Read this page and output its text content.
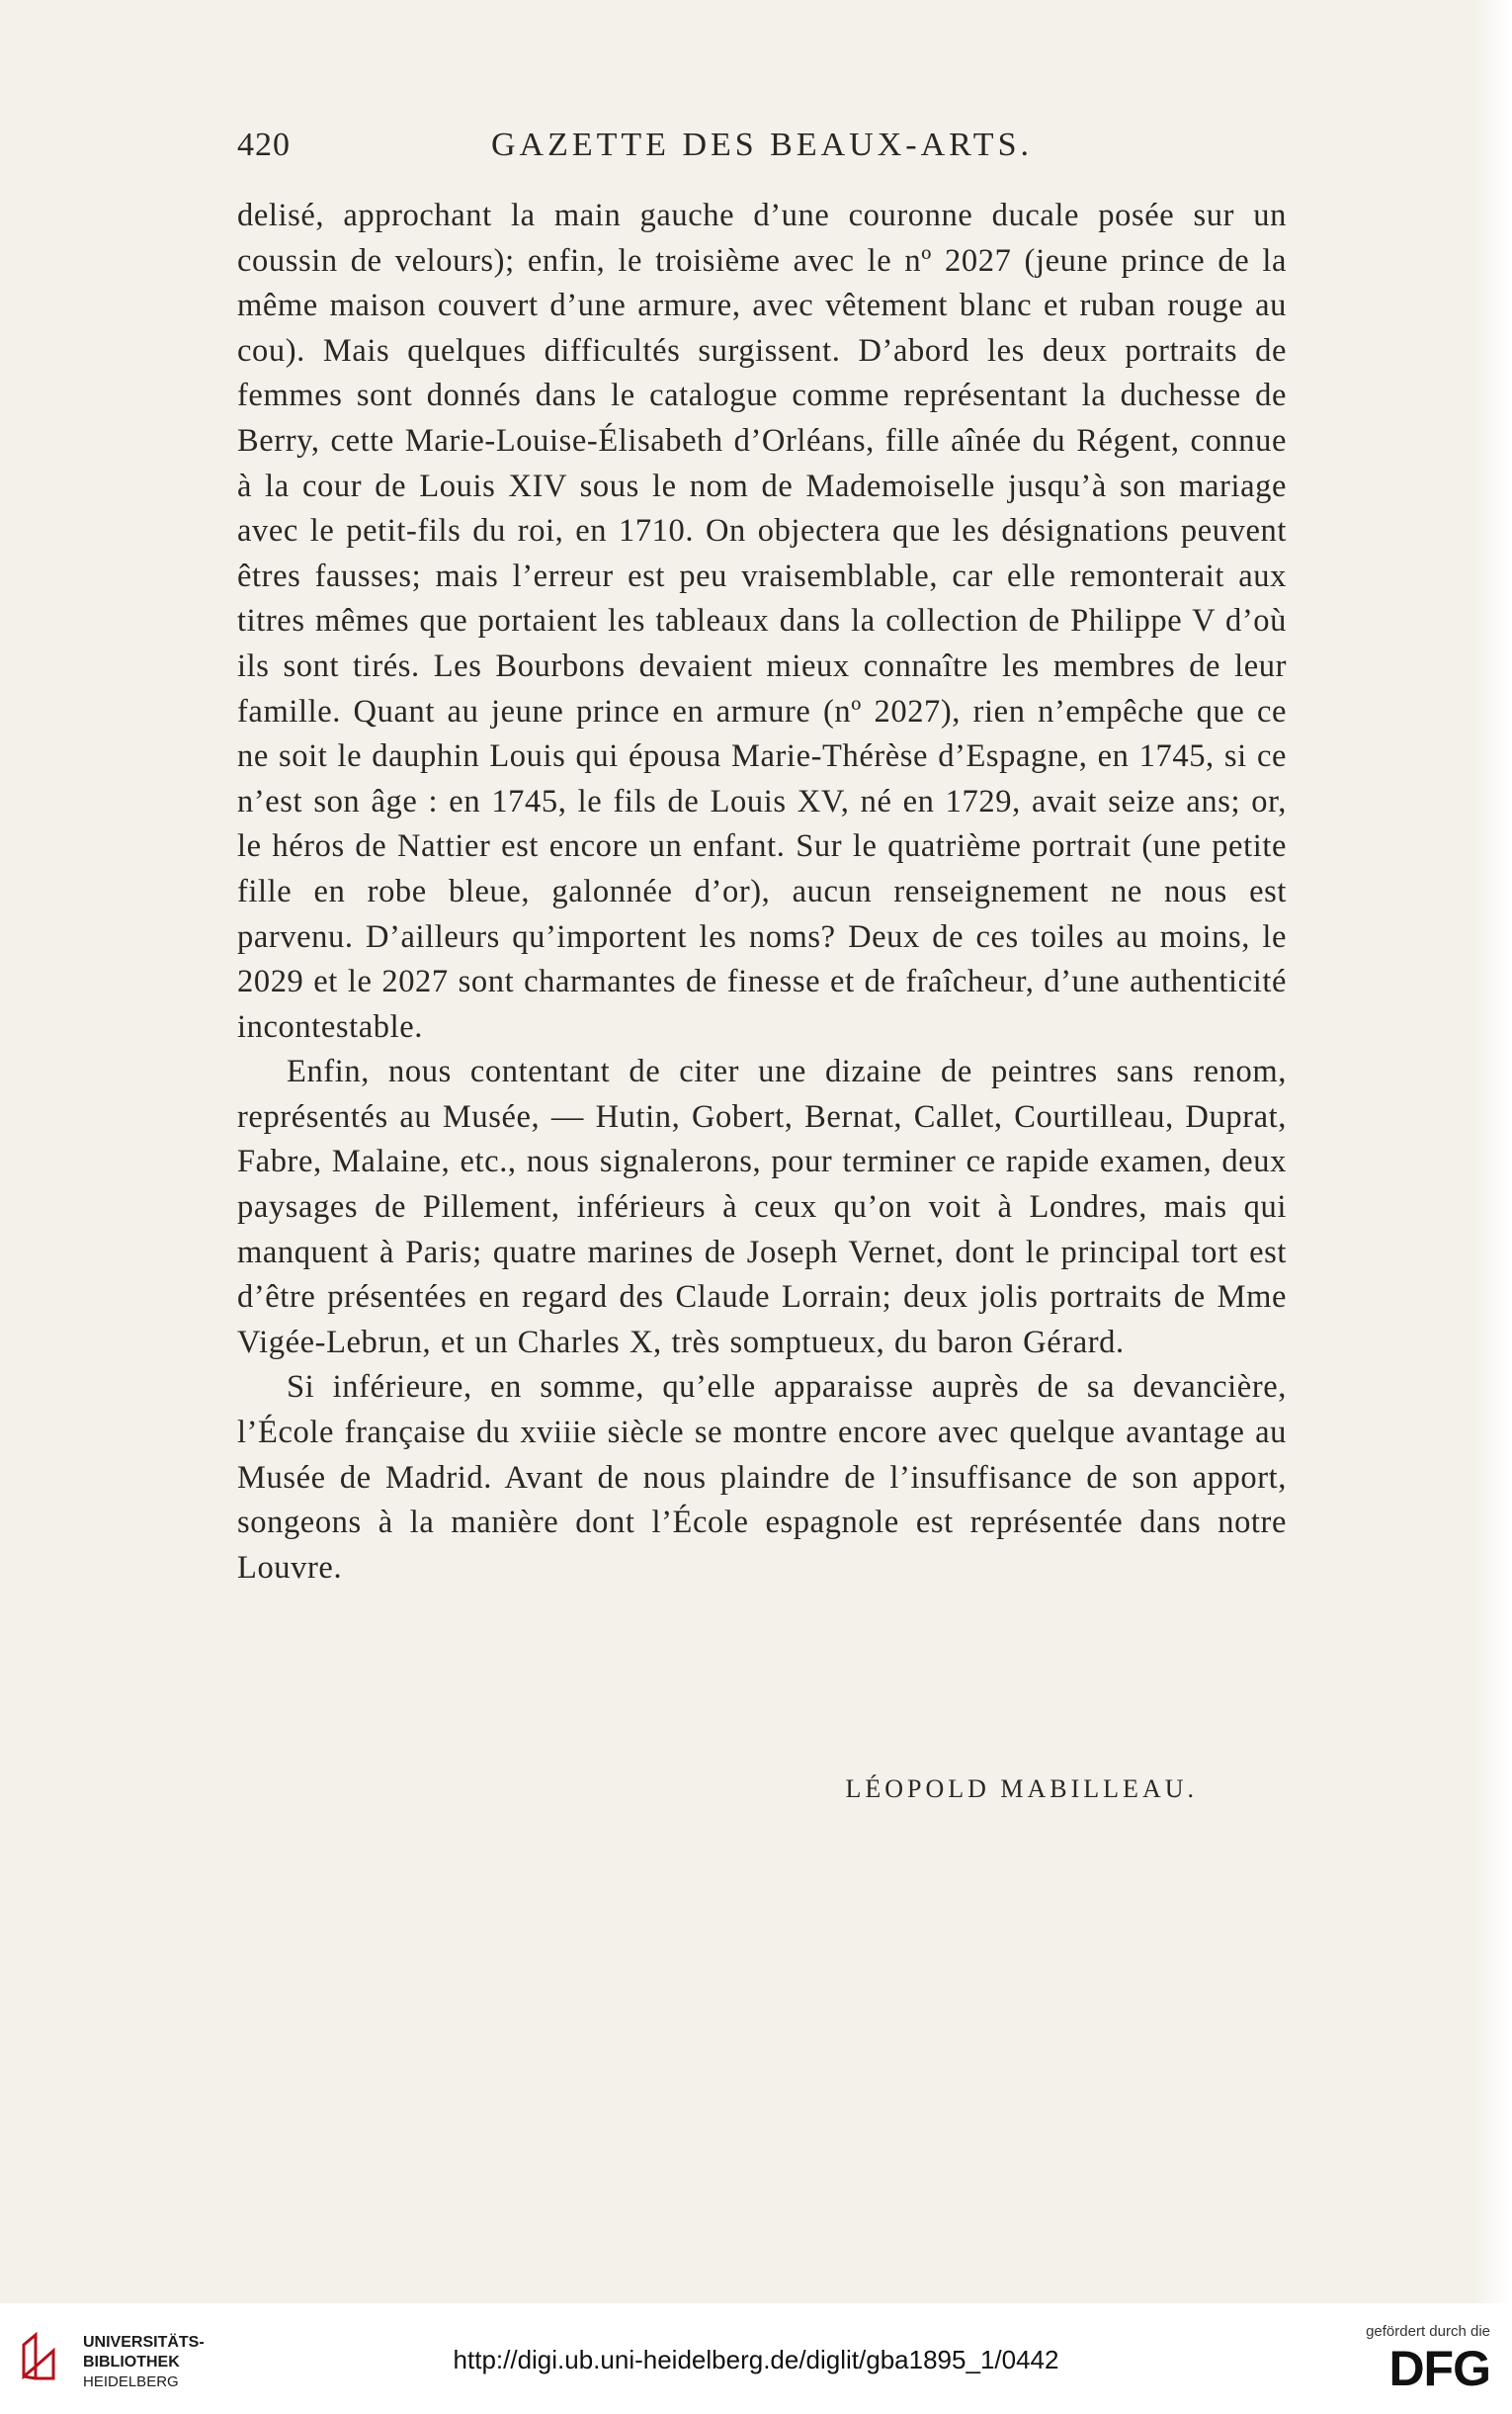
420	GAZETTE DES BEAUX-ARTS.

delisé, approchant la main gauche d’une couronne ducale posée sur un coussin de velours); enfin, le troisième avec le nº 2027 (jeune prince de la même maison couvert d’une armure, avec vêtement blanc et ruban rouge au cou). Mais quelques difficultés surgissent. D’abord les deux portraits de femmes sont donnés dans le catalogue comme représentant la duchesse de Berry, cette Marie-Louise-Élisabeth d’Orléans, fille aînée du Régent, connue à la cour de Louis XIV sous le nom de Mademoiselle jusqu’à son mariage avec le petit-fils du roi, en 1710. On objectera que les désignations peuvent êtres fausses; mais l’erreur est peu vraisemblable, car elle remonterait aux titres mêmes que portaient les tableaux dans la collection de Philippe V d’où ils sont tirés. Les Bourbons devaient mieux connaître les membres de leur famille. Quant au jeune prince en armure (nº 2027), rien n’empêche que ce ne soit le dauphin Louis qui épousa Marie-Thérèse d’Espagne, en 1745, si ce n’est son âge : en 1745, le fils de Louis XV, né en 1729, avait seize ans; or, le héros de Nattier est encore un enfant. Sur le quatrième portrait (une petite fille en robe bleue, galonnée d’or), aucun renseignement ne nous est parvenu. D’ailleurs qu’importent les noms? Deux de ces toiles au moins, le 2029 et le 2027 sont charmantes de finesse et de fraîcheur, d’une authenticité incontestable.

Enfin, nous contentant de citer une dizaine de peintres sans renom, représentés au Musée, — Hutin, Gobert, Bernat, Callet, Courtilleau, Duprat, Fabre, Malaine, etc., nous signalerons, pour terminer ce rapide examen, deux paysages de Pillement, inférieurs à ceux qu’on voit à Londres, mais qui manquent à Paris; quatre marines de Joseph Vernet, dont le principal tort est d’être présentées en regard des Claude Lorrain; deux jolis portraits de Mme Vigée-Lebrun, et un Charles X, très somptueux, du baron Gérard.

Si inférieure, en somme, qu’elle apparaisse auprès de sa devancière, l’École française du xviiie siècle se montre encore avec quelque avantage au Musée de Madrid. Avant de nous plaindre de l’insuffisance de son apport, songeons à la manière dont l’École espagnole est représentée dans notre Louvre.

LÉOPOLD MABILLEAU.
UNIVERSITÄTS-
BIBLIOTHEK
HEIDELBERG
http://digi.ub.uni-heidelberg.de/diglit/gba1895_1/0442
gefördert durch die
DFG
